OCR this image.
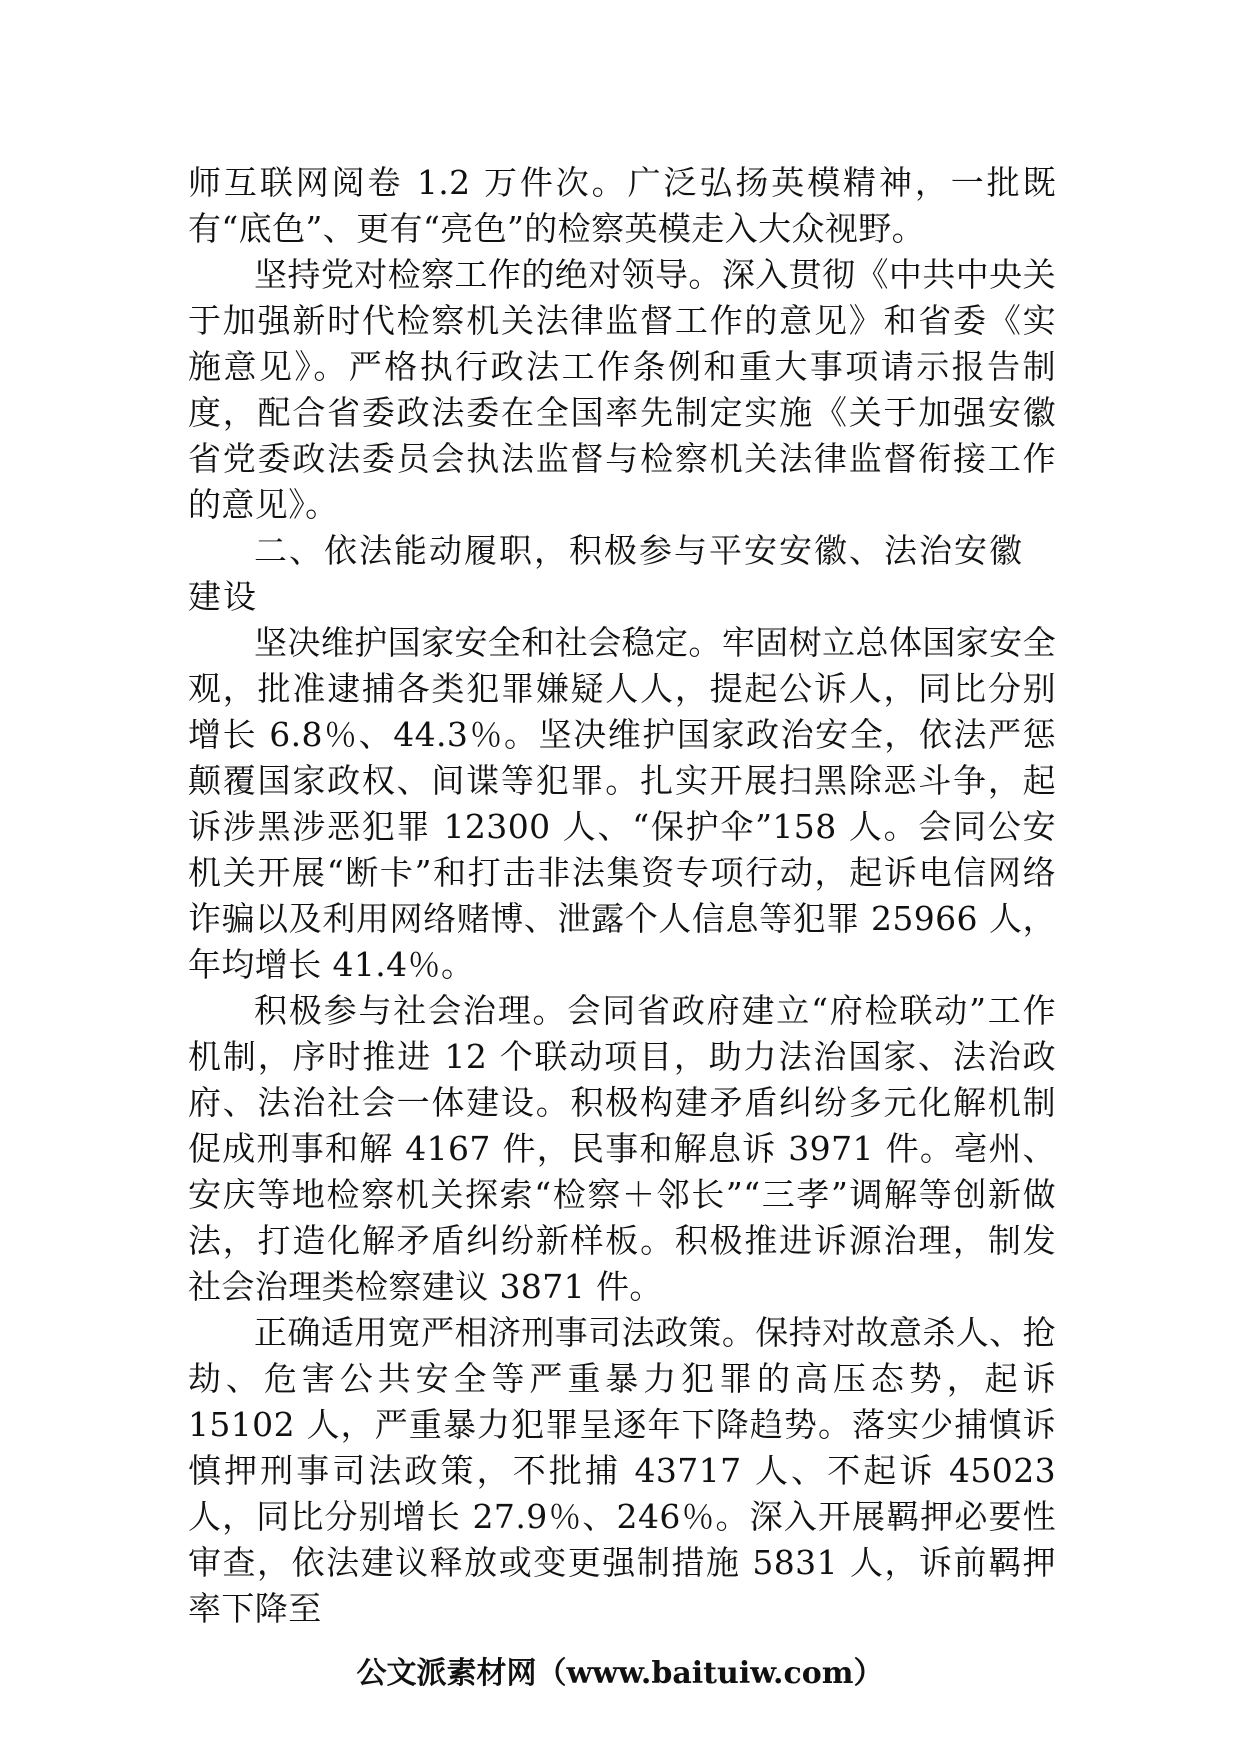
师互联网阅卷 1.2 万件次。广泛弘扬英模精神，一批既有“底色”、更有“亮色”的检察英模走入大众视野。

坚持党对检察工作的绝对领导。深入贯彻《中共中央关于加强新时代检察机关法律监督工作的意见》和省委《实施意见》。严格执行政法工作条例和重大事项请示报告制度，配合省委政法委在全国率先制定实施《关于加强安徽省党委政法委员会执法监督与检察机关法律监督衔接工作的意见》。

二、依法能动履职，积极参与平安安徽、法治安徽建设

坚决维护国家安全和社会稳定。牢固树立总体国家安全观，批准逮捕各类犯罪嫌疑人人，提起公诉人，同比分别增长 6.8％、44.3％。坚决维护国家政治安全，依法严惩颠覆国家政权、间谍等犯罪。扎实开展扫黑除恶斗争，起诉涉黑涉恶犯罪 12300 人、“保护伞”158 人。会同公安机关开展“断卡”和打击非法集资专项行动，起诉电信网络诈骗以及利用网络赌博、泄露个人信息等犯罪 25966 人，年均增长 41.4％。

积极参与社会治理。会同省政府建立“府检联动”工作机制，序时推进 12 个联动项目，助力法治国家、法治政府、法治社会一体建设。积极构建矛盾纠纷多元化解机制促成刑事和解 4167 件，民事和解息诉 3971 件。亳州、安庆等地检察机关探索“检察＋邻长”“三孝”调解等创新做法，打造化解矛盾纠纷新样板。积极推进诉源治理，制发社会治理类检察建议 3871 件。

正确适用宽严相济刑事司法政策。保持对故意杀人、抢劫、危害公共安全等严重暴力犯罪的高压态势，起诉 15102 人，严重暴力犯罪呈逐年下降趋势。落实少捕慎诉慎押刑事司法政策，不批捕 43717 人、不起诉 45023 人，同比分别增长 27.9％、246％。深入开展羁押必要性审查，依法建议释放或变更强制措施 5831 人，诉前羁押率下降至

公文派素材网（www.baituiw.com）
